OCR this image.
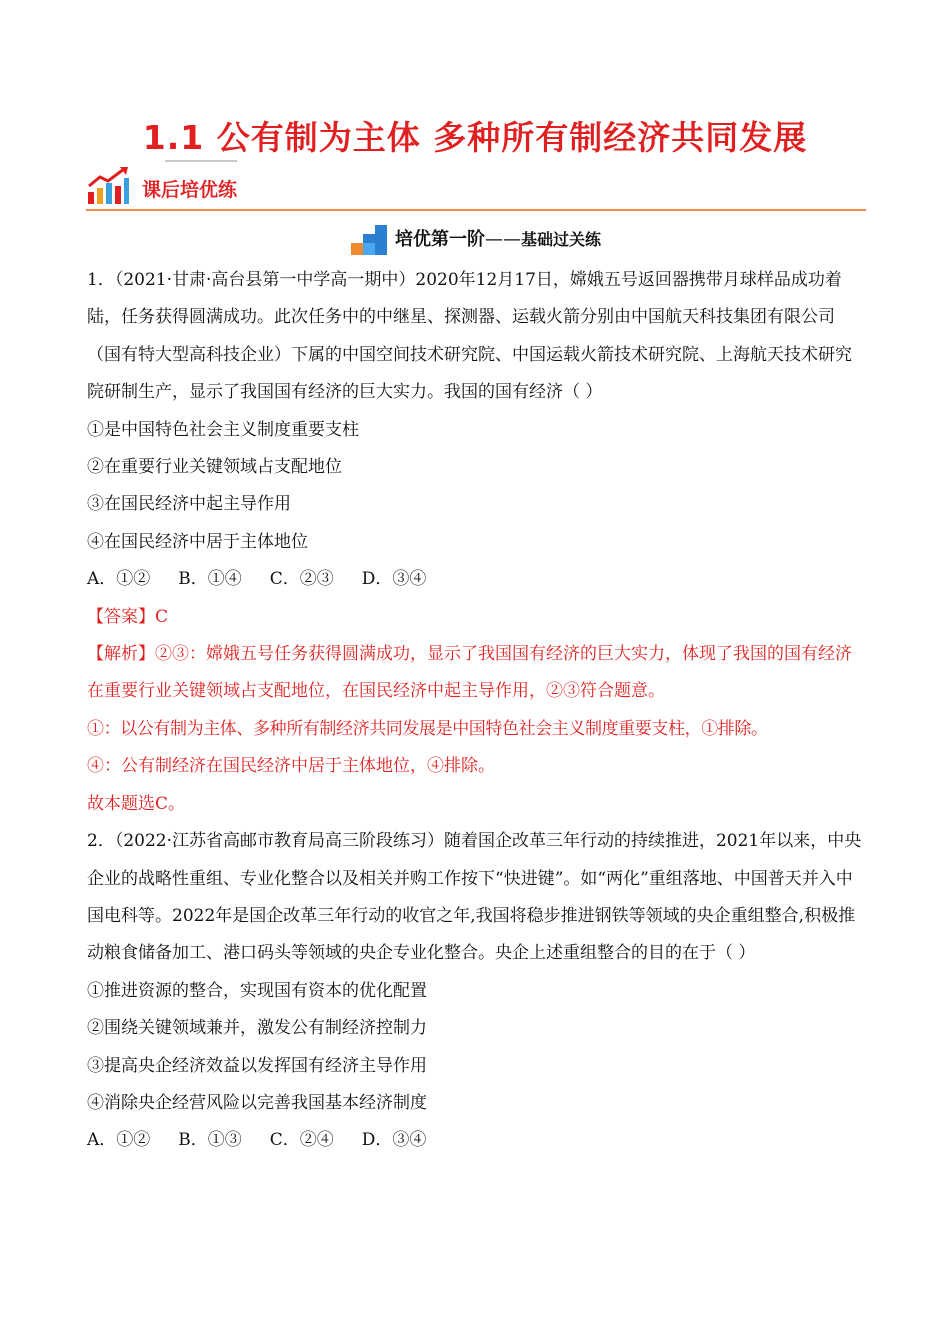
1.1 公有制为主体 多种所有制经济共同发展
课后培优练
培优第一阶——基础过关练

1．（2021·甘肃·高台县第一中学高一期中）2020年12月17日，嫦娥五号返回器携带月球样品成功着陆，任务获得圆满成功。此次任务中的中继星、探测器、运载火箭分别由中国航天科技集团有限公司（国有特大型高科技企业）下属的中国空间技术研究院、中国运载火箭技术研究院、上海航天技术研究院研制生产，显示了我国国有经济的巨大实力。我国的国有经济（ ）

①是中国特色社会主义制度重要支柱

②在重要行业关键领域占支配地位

③在国民经济中起主导作用

④在国民经济中居于主体地位

A．①② B．①④ C．②③ D．③④

【答案】C

【解析】②③：嫦娥五号任务获得圆满成功，显示了我国国有经济的巨大实力，体现了我国的国有经济在重要行业关键领域占支配地位，在国民经济中起主导作用，②③符合题意。

①：以公有制为主体、多种所有制经济共同发展是中国特色社会主义制度重要支柱，①排除。

④：公有制经济在国民经济中居于主体地位，④排除。

故本题选C。

2．（2022·江苏省高邮市教育局高三阶段练习）随着国企改革三年行动的持续推进，2021年以来，中央企业的战略性重组、专业化整合以及相关并购工作按下“快进键”。如“两化”重组落地、中国普天并入中国电科等。2022年是国企改革三年行动的收官之年,我国将稳步推进钢铁等领域的央企重组整合,积极推动粮食储备加工、港口码头等领域的央企专业化整合。央企上述重组整合的目的在于（ ）

①推进资源的整合，实现国有资本的优化配置

②围绕关键领域兼并，激发公有制经济控制力

③提高央企经济效益以发挥国有经济主导作用

④消除央企经营风险以完善我国基本经济制度

A．①② B．①③ C．②④ D．③④
